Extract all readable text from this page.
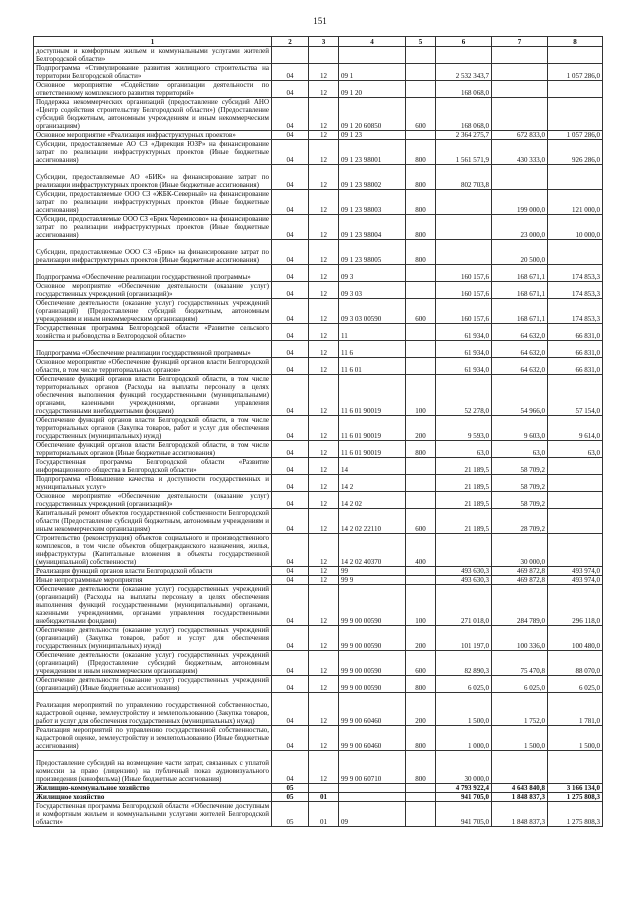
151
1	2	3	4	5	6	7	8
доступным и комфортным жильем и коммунальными услугами жителей Белгородской области»							
Подпрограмма «Стимулирование развития жилищного строительства на территории Белгородской области»	04	12	09 1		2 532 343,7		1 057 286,0
Основное мероприятие «Содействие организации деятельности по ответственному комплексного развития территорий»	04	12	09 1 20		168 068,0		
Поддержка некоммерческих организаций (предоставление субсидий АНО «Центр содействия строительству Белгородской области») (Предоставление субсидий бюджетным, автономным учреждениям и иным некоммерческим организациям)	04	12	09 1 20 60850	600	168 068,0		
Основное мероприятие «Реализация инфраструктурных проектов»	04	12	09 1 23		2 364 275,7	672 833,0	1 057 286,0
Субсидии, предоставляемые АО СЗ «Дирекция ЮЗР» на финансирование затрат по реализации инфраструктурных проектов (Иные бюджетные ассигнования)	04	12	09 1 23 98001	800	1 561 571,9	430 333,0	926 286,0
Субсидии, предоставляемые АО «БИК» на финансирование затрат по реализации инфраструктурных проектов (Иные бюджетные ассигнования)	04	12	09 1 23 98002	800	802 703,8		
Субсидии, предоставляемые ООО СЗ «ЖБК-Северный» на финансирование затрат по реализации инфраструктурных проектов (Иные бюджетные ассигнования)	04	12	09 1 23 98003	800		199 000,0	121 000,0
Субсидии, предоставляемые ООО СЗ «Брик Черемисово» на финансирование затрат по реализации инфраструктурных проектов (Иные бюджетные ассигнования)	04	12	09 1 23 98004	800		23 000,0	10 000,0
Субсидии, предоставляемые ООО СЗ «Брик» на финансирование затрат по реализации инфраструктурных проектов (Иные бюджетные ассигнования)	04	12	09 1 23 98005	800		20 500,0	
Подпрограмма «Обеспечение реализации государственной программы»	04	12	09 3		160 157,6	168 671,1	174 853,3
Основное мероприятие «Обеспечение деятельности (оказание услуг) государственных учреждений (организаций)»	04	12	09 3 03		160 157,6	168 671,1	174 853,3
Обеспечение деятельности (оказание услуг) государственных учреждений (организаций) (Предоставление субсидий бюджетным, автономным учреждениям и иным некоммерческим организациям)	04	12	09 3 03 00590	600	160 157,6	168 671,1	174 853,3
Государственная программа Белгородской области «Развитие сельского хозяйства и рыбоводства в Белгородской области»	04	12	11		61 934,0	64 632,0	66 831,0
Подпрограмма «Обеспечение реализации государственной программы»	04	12	11 6		61 934,0	64 632,0	66 831,0
Основное мероприятие «Обеспечение функций органов власти Белгородской области, в том числе территориальных органов»	04	12	11 6 01		61 934,0	64 632,0	66 831,0
Обеспечение функций органов власти Белгородской области, в том числе территориальных органов (Расходы на выплаты персоналу в целях обеспечения выполнения функций государственными (муниципальными) органами, казенными учреждениями, органами управления государственными внебюджетными фондами)	04	12	11 6 01 90019	100	52 278,0	54 966,0	57 154,0
Обеспечение функций органов власти Белгородской области, в том числе территориальных органов (Закупка товаров, работ и услуг для обеспечения государственных (муниципальных) нужд)	04	12	11 6 01 90019	200	9 593,0	9 603,0	9 614,0
Обеспечение функций органов власти Белгородской области, в том числе территориальных органов (Иные бюджетные ассигнования)	04	12	11 6 01 90019	800	63,0	63,0	63,0
Государственная программа Белгородской области «Развитие информационного общества в Белгородской области»	04	12	14		21 189,5	58 709,2	
Подпрограмма «Повышение качества и доступности государственных и муниципальных услуг»	04	12	14 2		21 189,5	58 709,2	
Основное мероприятие «Обеспечение деятельности (оказание услуг) государственных учреждений (организаций)»	04	12	14 2 02		21 189,5	58 709,2	
Капитальный ремонт объектов государственной собственности Белгородской области (Предоставление субсидий бюджетным, автономным учреждениям и иным некоммерческим организациям)	04	12	14 2 02 22110	600	21 189,5	28 709,2	
Строительство (реконструкция) объектов социального и производственного комплексов, в том числе объектов общегражданского назначения, жилья, инфраструктуры (Капитальные вложения в объекты государственной (муниципальной) собственности)	04	12	14 2 02 40370	400		30 000,0	
Реализация функций органов власти Белгородской области	04	12	99		493 630,3	469 872,8	493 974,0
Иные непрограммные мероприятия	04	12	99 9		493 630,3	469 872,8	493 974,0
Обеспечение деятельности (оказание услуг) государственных учреждений (организаций) (Расходы на выплаты персоналу в целях обеспечения выполнения функций государственными (муниципальными) органами, казенными учреждениями, органами управления государственными внебюджетными фондами)	04	12	99 9 00 00590	100	271 018,0	284 789,0	296 118,0
Обеспечение деятельности (оказание услуг) государственных учреждений (организаций) (Закупка товаров, работ и услуг для обеспечения государственных (муниципальных) нужд)	04	12	99 9 00 00590	200	101 197,0	100 336,0	100 480,0
Обеспечение деятельности (оказание услуг) государственных учреждений (организаций) (Предоставление субсидий бюджетным, автономным учреждениям и иным некоммерческим организациям)	04	12	99 9 00 00590	600	82 890,3	75 470,8	88 070,0
Обеспечение деятельности (оказание услуг) государственных учреждений (организаций) (Иные бюджетные ассигнования)	04	12	99 9 00 00590	800	6 025,0	6 025,0	6 025,0
Реализация мероприятий по управлению государственной собственностью, кадастровой оценке, землеустройству и землепользованию (Закупка товаров, работ и услуг для обеспечения государственных (муниципальных) нужд)	04	12	99 9 00 60460	200	1 500,0	1 752,0	1 781,0
Реализация мероприятий по управлению государственной собственностью, кадастровой оценке, землеустройству и землепользованию (Иные бюджетные ассигнования)	04	12	99 9 00 60460	800	1 000,0	1 500,0	1 500,0
Предоставление субсидий на возмещение части затрат, связанных с уплатой комиссии за право (лицензию) на публичный показ аудиовизуального произведения (кинофильма) (Иные бюджетные ассигнования)	04	12	99 9 00 60710	800	30 000,0		
Жилищно-коммунальное хозяйство	05				4 793 922,4	4 643 840,8	3 166 134,0
Жилищное хозяйство	05	01			941 705,0	1 848 837,3	1 275 808,3
Государственная программа Белгородской области «Обеспечение доступным и комфортным жильем и коммунальными услугами жителей Белгородской области»	05	01	09		941 705,0	1 848 837,3	1 275 808,3
